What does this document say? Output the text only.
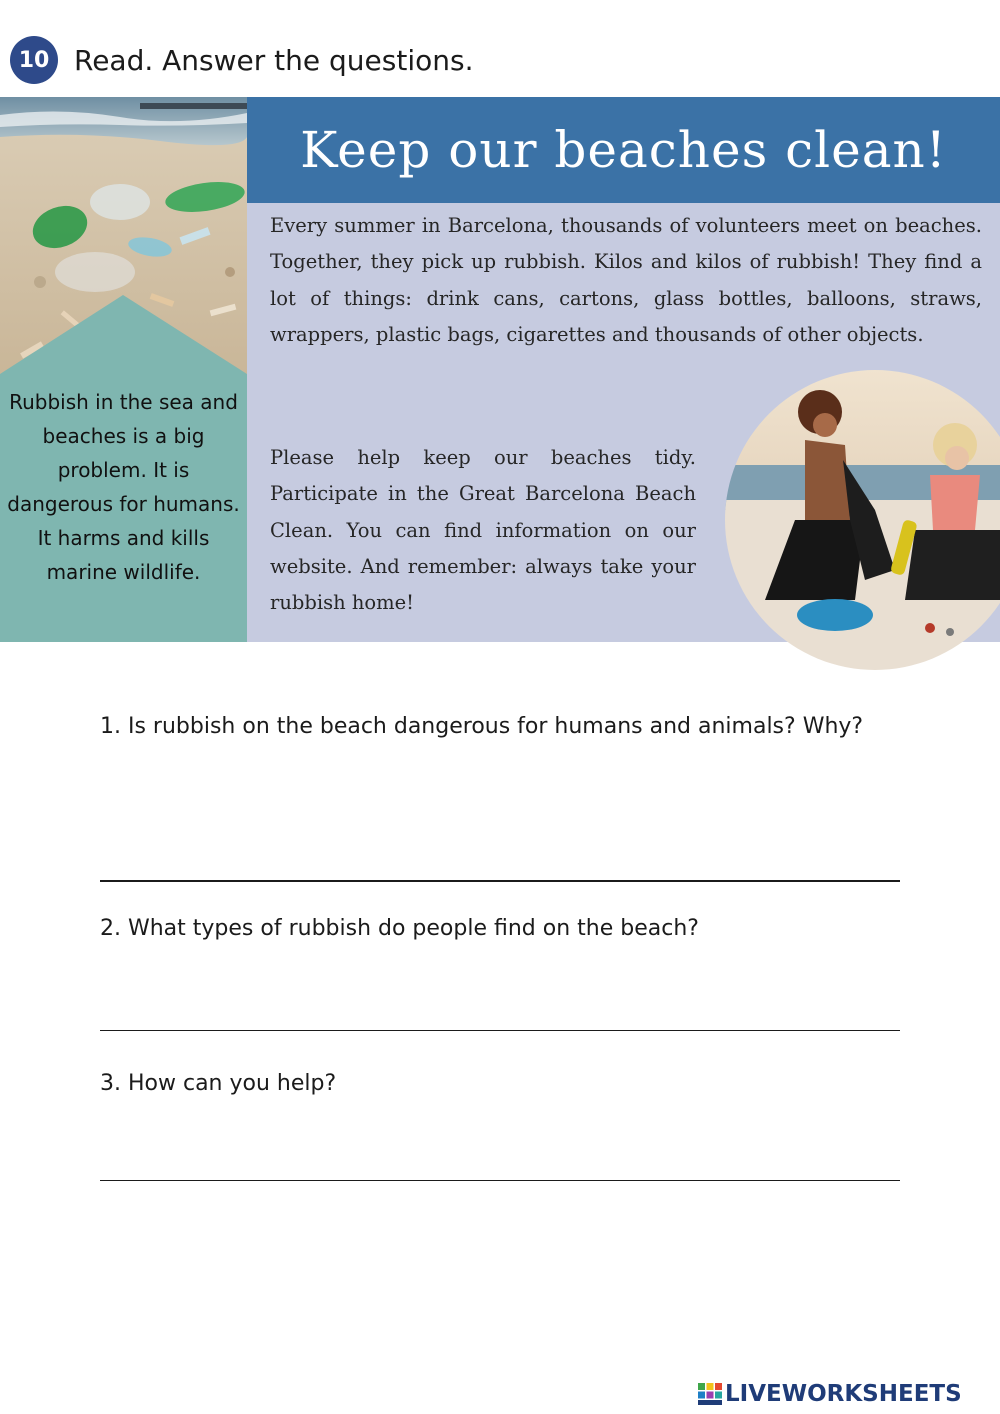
10 Read. Answer the questions.
Rubbish in the sea and beaches is a big problem. It is dangerous for humans. It harms and kills marine wildlife.
Keep our beaches clean!

Every summer in Barcelona, thousands of volunteers meet on beaches. Together, they pick up rubbish. Kilos and kilos of rubbish! They find a lot of things: drink cans, cartons, glass bottles, balloons, straws, wrappers, plastic bags, cigarettes and thousands of other objects.

Please help keep our beaches tidy. Participate in the Great Barcelona Beach Clean. You can find information on our website. And remember: always take your rubbish home!

1. Is rubbish on the beach dangerous for humans and animals? Why?

2. What types of rubbish do people find on the beach?

3. How can you help?

LIVEWORKSHEETS
